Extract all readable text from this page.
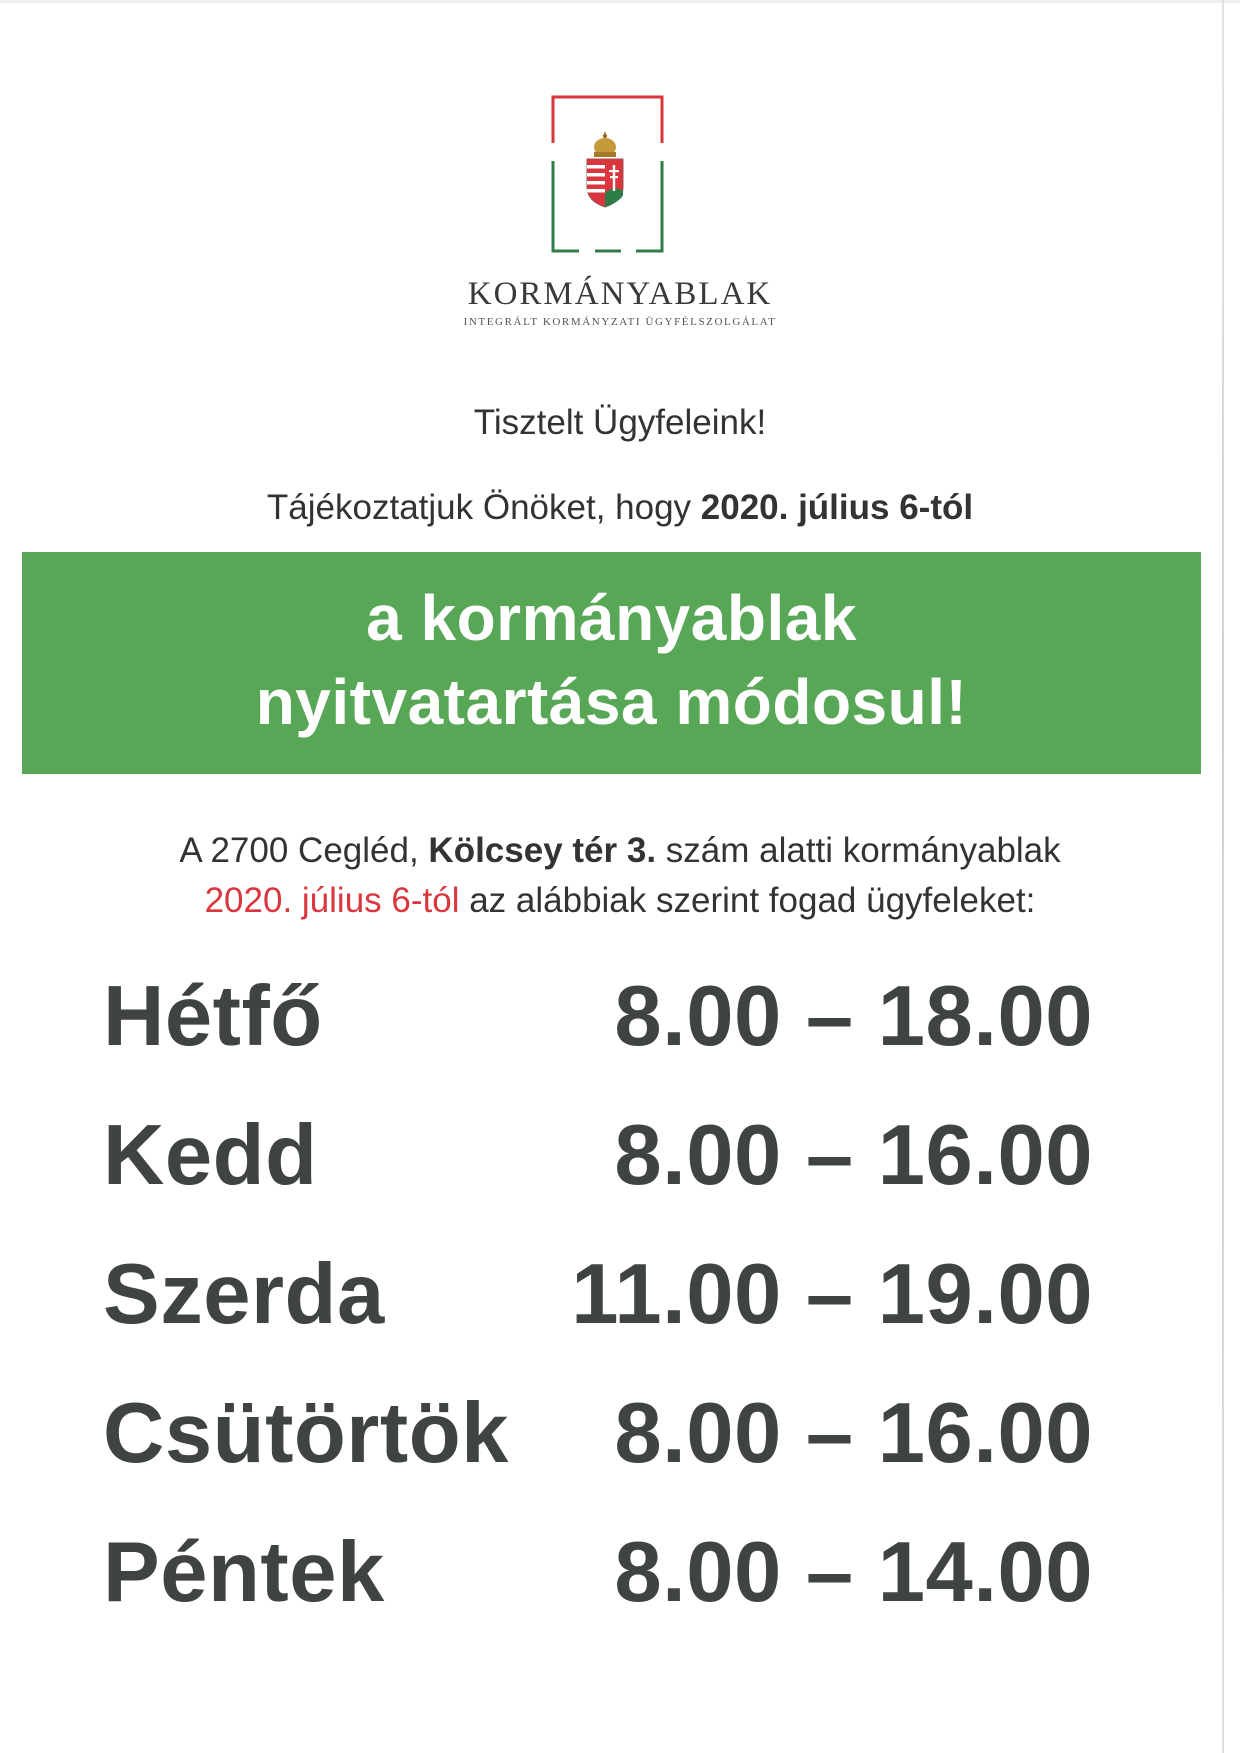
KORMÁNYABLAK
INTEGRÁLT KORMÁNYZATI ÜGYFÉLSZOLGÁLAT
Tisztelt Ügyfeleink!
Tájékoztatjuk Önöket, hogy 2020. július 6-tól
a kormányablak
nyitvatartása módosul!
A 2700 Cegléd, Kölcsey tér 3. szám alatti kormányablak
2020. július 6-tól az alábbiak szerint fogad ügyfeleket:
Hétfő	8.00 – 18.00
Kedd	8.00 – 16.00
Szerda 11.00 – 19.00
Csütörtök 8.00 – 16.00
Péntek	8.00 – 14.00
